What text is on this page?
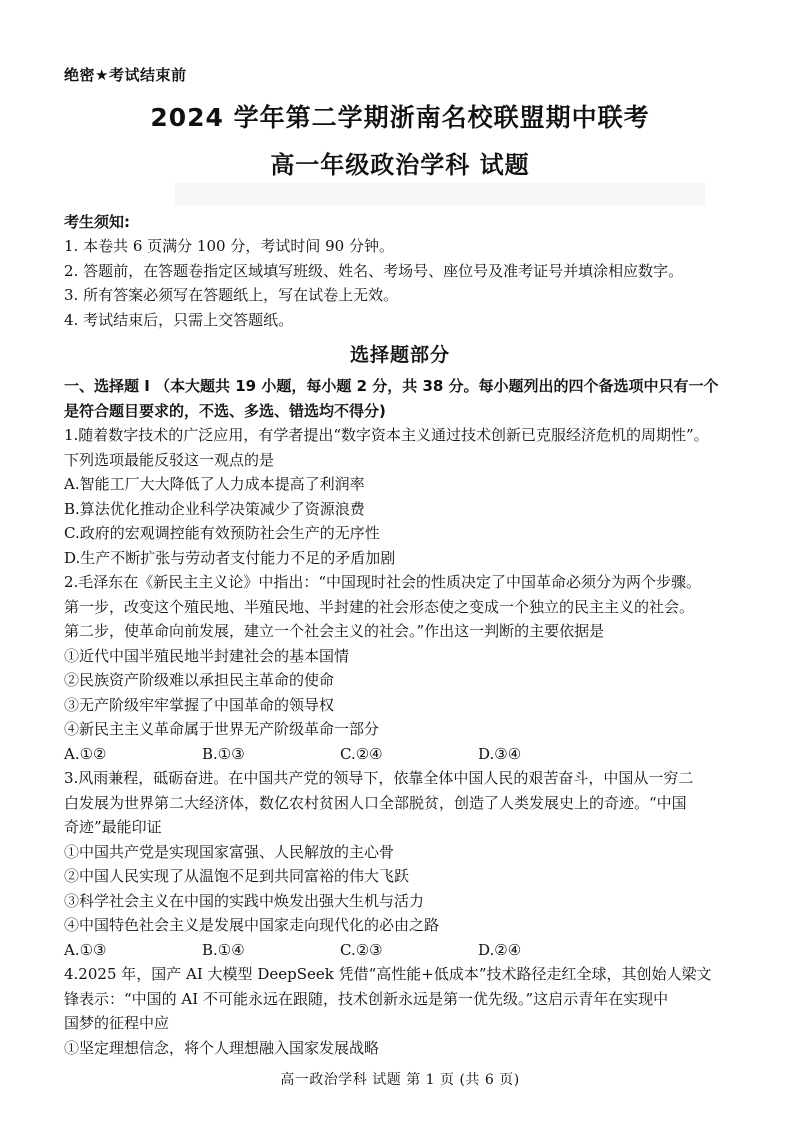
绝密★考试结束前
2024 学年第二学期浙南名校联盟期中联考
高一年级政治学科 试题
考生须知:
1. 本卷共 6 页满分 100 分，考试时间 90 分钟。
2. 答题前，在答题卷指定区域填写班级、姓名、考场号、座位号及准考证号并填涂相应数字。
3. 所有答案必须写在答题纸上，写在试卷上无效。
4. 考试结束后，只需上交答题纸。
选择题部分
一、选择题 I （本大题共 19 小题，每小题 2 分，共 38 分。每小题列出的四个备选项中只有一个
是符合题目要求的，不选、多选、错选均不得分)
1.随着数字技术的广泛应用，有学者提出“数字资本主义通过技术创新已克服经济危机的周期性”。
下列选项最能反驳这一观点的是
A.智能工厂大大降低了人力成本提高了利润率
B.算法优化推动企业科学决策减少了资源浪费
C.政府的宏观调控能有效预防社会生产的无序性
D.生产不断扩张与劳动者支付能力不足的矛盾加剧
2.毛泽东在《新民主主义论》中指出：“中国现时社会的性质决定了中国革命必须分为两个步骤。
第一步，改变这个殖民地、半殖民地、半封建的社会形态使之变成一个独立的民主主义的社会。
第二步，使革命向前发展，建立一个社会主义的社会。”作出这一判断的主要依据是
①近代中国半殖民地半封建社会的基本国情
②民族资产阶级难以承担民主革命的使命
③无产阶级牢牢掌握了中国革命的领导权
④新民主主义革命属于世界无产阶级革命一部分
A.①②	B.①③	C.②④	D.③④
3.风雨兼程，砥砺奋进。在中国共产党的领导下，依靠全体中国人民的艰苦奋斗，中国从一穷二
白发展为世界第二大经济体，数亿农村贫困人口全部脱贫，创造了人类发展史上的奇迹。“中国
奇迹”最能印证
①中国共产党是实现国家富强、人民解放的主心骨
②中国人民实现了从温饱不足到共同富裕的伟大飞跃
③科学社会主义在中国的实践中焕发出强大生机与活力
④中国特色社会主义是发展中国家走向现代化的必由之路
A.①③	B.①④	C.②③	D.②④
4.2025 年，国产 AI 大模型 DeepSeek 凭借“高性能+低成本”技术路径走红全球，其创始人梁文
锋表示：“中国的 AI 不可能永远在跟随，技术创新永远是第一优先级。”这启示青年在实现中
国梦的征程中应
①坚定理想信念，将个人理想融入国家发展战略
高一政治学科 试题 第 1 页 (共 6 页)
